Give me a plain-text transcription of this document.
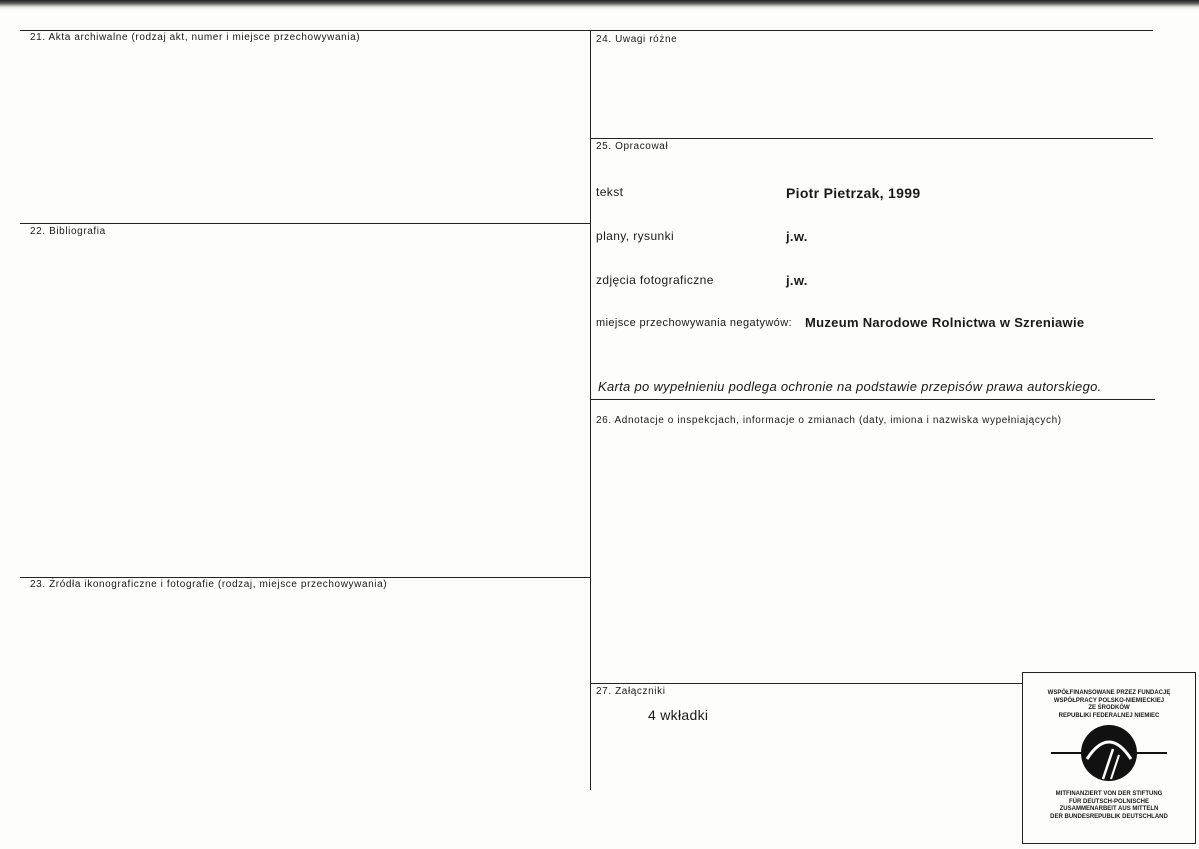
21. Akta archiwalne (rodzaj akt, numer i miejsce przechowywania)
22. Bibliografia
23. Źródła ikonograficzne i fotografie (rodzaj, miejsce przechowywania)
24. Uwagi różne
25. Opracował
tekst	Piotr Pietrzak, 1999
plany, rysunki	j.w.
zdjęcia fotograficzne	j.w.
miejsce przechowywania negatywów: Muzeum Narodowe Rolnictwa w Szreniawie
Karta po wypełnieniu podlega ochronie na podstawie przepisów prawa autorskiego.
26. Adnotacje o inspekcjach, informacje o zmianach (daty, imiona i nazwiska wypełniających)
27. Załączniki
4 wkładki
WSPÓŁFINANSOWANE PRZEZ FUNDACJĘ
WSPÓŁPRACY POLSKO-NIEMIECKIEJ
ZE ŚRODKÓW
REPUBLIKI FEDERALNEJ NIEMIEC
MITFINANZIERT VON DER STIFTUNG
FÜR DEUTSCH-POLNISCHE
ZUSAMMENARBEIT AUS MITTELN
DER BUNDESREPUBLIK DEUTSCHLAND
